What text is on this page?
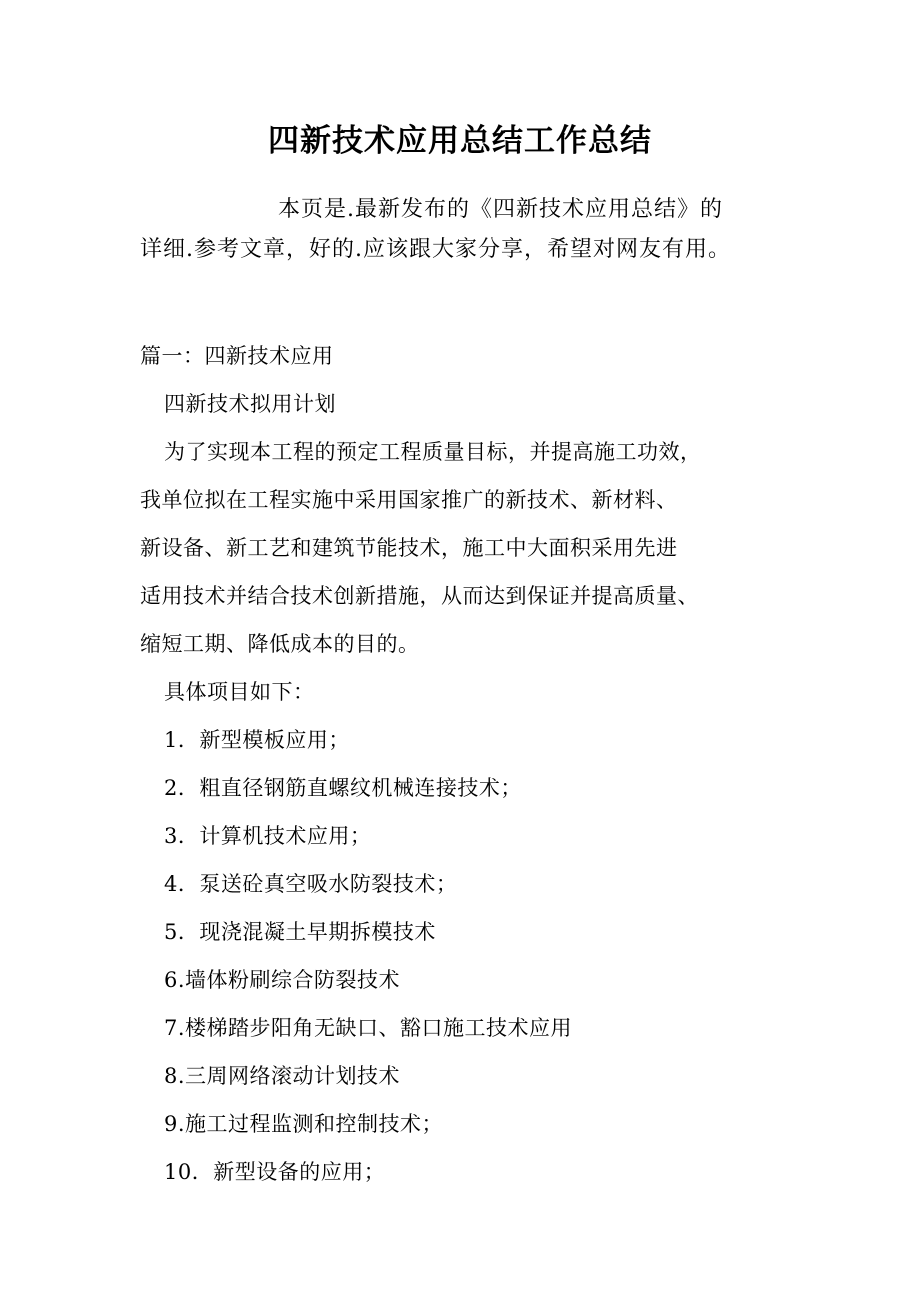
四新技术应用总结工作总结
本页是.最新发布的《四新技术应用总结》的
详细.参考文章，好的.应该跟大家分享，希望对网友有用。
篇一：四新技术应用
四新技术拟用计划
为了实现本工程的预定工程质量目标，并提高施工功效，
我单位拟在工程实施中采用国家推广的新技术、新材料、
新设备、新工艺和建筑节能技术，施工中大面积采用先进
适用技术并结合技术创新措施，从而达到保证并提高质量、
缩短工期、降低成本的目的。
具体项目如下：
1．新型模板应用；
2．粗直径钢筋直螺纹机械连接技术；
3．计算机技术应用；
4．泵送砼真空吸水防裂技术；
5．现浇混凝土早期拆模技术
6.墙体粉刷综合防裂技术
7.楼梯踏步阳角无缺口、豁口施工技术应用
8.三周网络滚动计划技术
9.施工过程监测和控制技术；
10．新型设备的应用；
